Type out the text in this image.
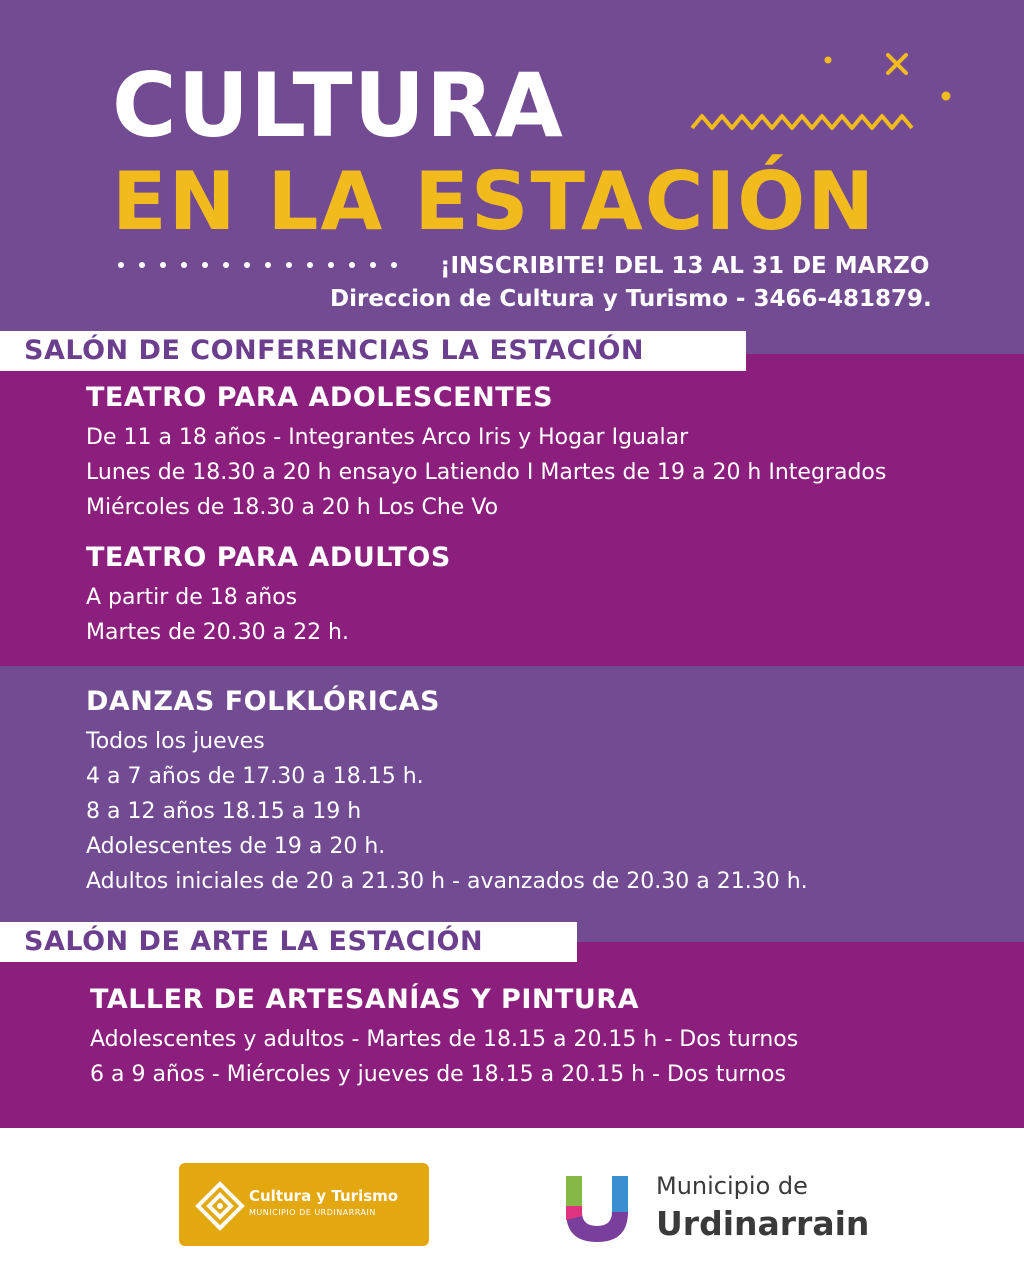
CULTURA
EN LA ESTACIÓN
¡INSCRIBITE! DEL 13 AL 31 DE MARZO
Direccion de Cultura y Turismo - 3466-481879.
SALÓN DE CONFERENCIAS LA ESTACIÓN
SALÓN DE ARTE LA ESTACIÓN
TEATRO PARA ADOLESCENTES
De 11 a 18 años - Integrantes Arco Iris y Hogar Igualar
Lunes de 18.30 a 20 h ensayo Latiendo I Martes de 19 a 20 h Integrados
Miércoles de 18.30 a 20 h Los Che Vo
TEATRO PARA ADULTOS
A partir de 18 años
Martes de 20.30 a 22 h.
DANZAS FOLKLÓRICAS
Todos los jueves
4 a 7 años de 17.30 a 18.15 h.
8 a 12 años 18.15 a 19 h
Adolescentes de 19 a 20 h.
Adultos iniciales de 20 a 21.30 h - avanzados de 20.30 a 21.30 h.
TALLER DE ARTESANÍAS Y PINTURA
Adolescentes y adultos - Martes de 18.15 a 20.15 h - Dos turnos
6 a 9 años - Miércoles y jueves de 18.15 a 20.15 h - Dos turnos
Cultura y Turismo
MUNICIPIO DE URDINARRAIN
Municipio de
Urdinarrain
